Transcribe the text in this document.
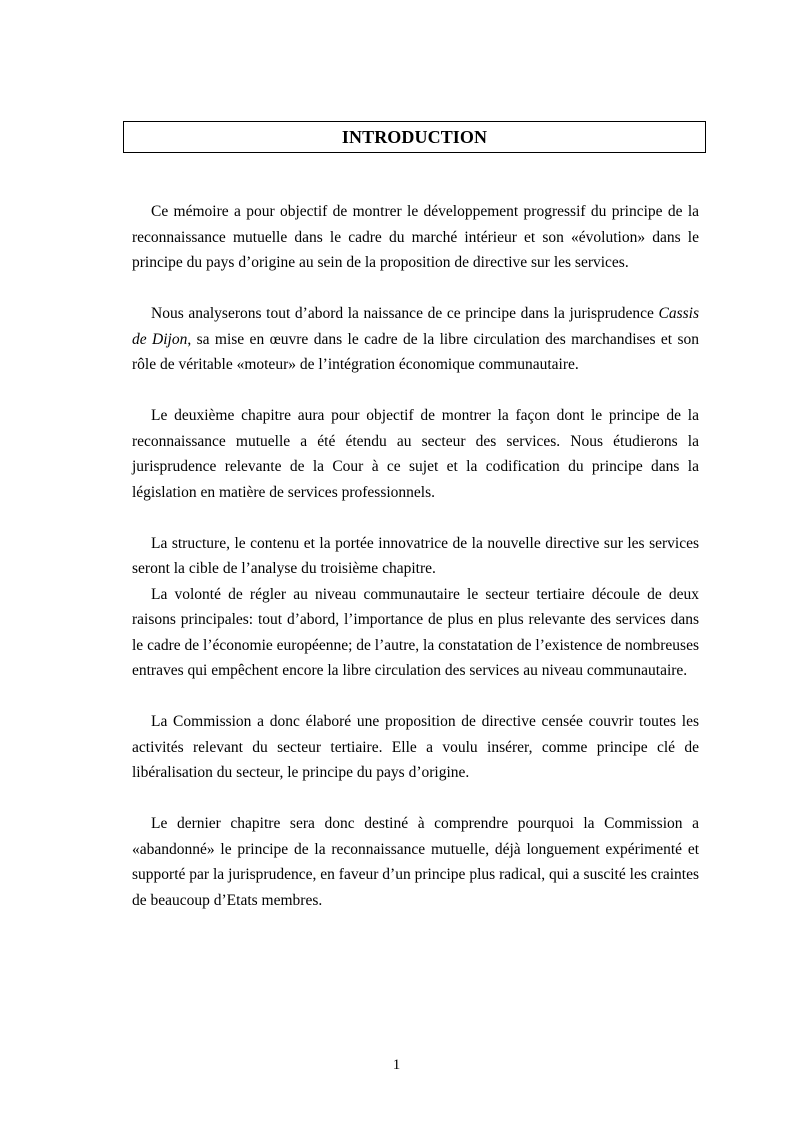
INTRODUCTION

Ce mémoire a pour objectif de montrer le développement progressif du principe de la reconnaissance mutuelle dans le cadre du marché intérieur et son «évolution» dans le principe du pays d’origine au sein de la proposition de directive sur les services.

Nous analyserons tout d’abord la naissance de ce principe dans la jurisprudence Cassis de Dijon, sa mise en œuvre dans le cadre de la libre circulation des marchandises et son rôle de véritable «moteur» de l’intégration économique communautaire.

Le deuxième chapitre aura pour objectif de montrer la façon dont le principe de la reconnaissance mutuelle a été étendu au secteur des services. Nous étudierons la jurisprudence relevante de la Cour à ce sujet et la codification du principe dans la législation en matière de services professionnels.

La structure, le contenu et la portée innovatrice de la nouvelle directive sur les services seront la cible de l’analyse du troisième chapitre.

La volonté de régler au niveau communautaire le secteur tertiaire découle de deux raisons principales: tout d’abord, l’importance de plus en plus relevante des services dans le cadre de l’économie européenne; de l’autre, la constatation de l’existence de nombreuses entraves qui empêchent encore la libre circulation des services au niveau communautaire.

La Commission a donc élaboré une proposition de directive censée couvrir toutes les activités relevant du secteur tertiaire. Elle a voulu insérer, comme principe clé de libéralisation du secteur, le principe du pays d’origine.

Le dernier chapitre sera donc destiné à comprendre pourquoi la Commission a «abandonné» le principe de la reconnaissance mutuelle, déjà longuement expérimenté et supporté par la jurisprudence, en faveur d’un principe plus radical, qui a suscité les craintes de beaucoup d’Etats membres.

1
